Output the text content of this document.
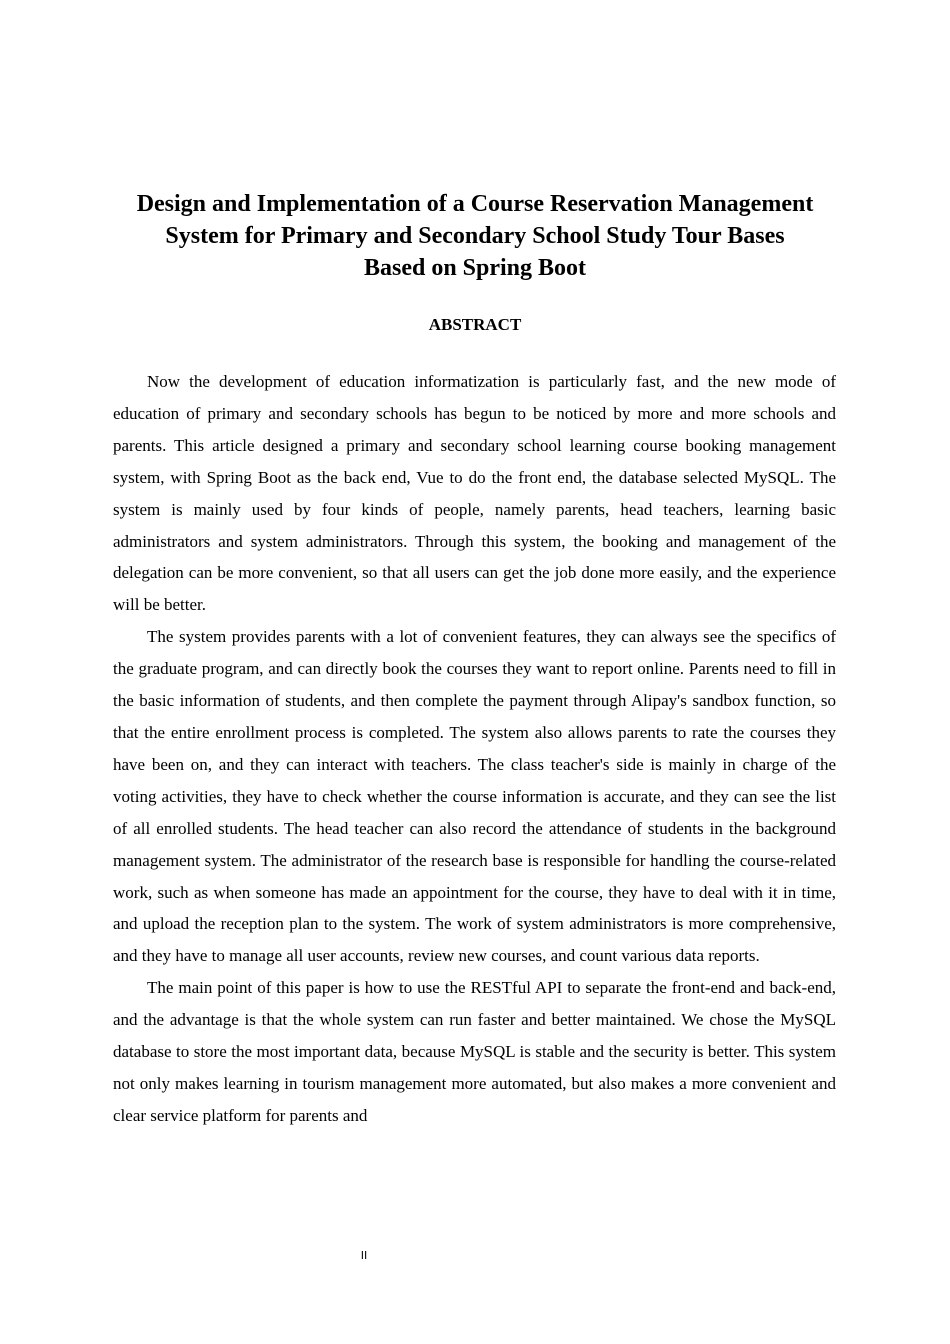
Design and Implementation of a Course Reservation Management
System for Primary and Secondary School Study Tour Bases
Based on Spring Boot
ABSTRACT

Now the development of education informatization is particularly fast, and the new mode of education of primary and secondary schools has begun to be noticed by more and more schools and parents. This article designed a primary and secondary school learning course booking management system, with Spring Boot as the back end, Vue to do the front end, the database selected MySQL. The system is mainly used by four kinds of people, namely parents, head teachers, learning basic administrators and system administrators. Through this system, the booking and management of the delegation can be more convenient, so that all users can get the job done more easily, and the experience will be better.

The system provides parents with a lot of convenient features, they can always see the specifics of the graduate program, and can directly book the courses they want to report online. Parents need to fill in the basic information of students, and then complete the payment through Alipay's sandbox function, so that the entire enrollment process is completed. The system also allows parents to rate the courses they have been on, and they can interact with teachers. The class teacher's side is mainly in charge of the voting activities, they have to check whether the course information is accurate, and they can see the list of all enrolled students. The head teacher can also record the attendance of students in the background management system. The administrator of the research base is responsible for handling the course-related work, such as when someone has made an appointment for the course, they have to deal with it in time, and upload the reception plan to the system. The work of system administrators is more comprehensive, and they have to manage all user accounts, review new courses, and count various data reports.

The main point of this paper is how to use the RESTful API to separate the front-end and back-end, and the advantage is that the whole system can run faster and better maintained. We chose the MySQL database to store the most important data, because MySQL is stable and the security is better. This system not only makes learning in tourism management more automated, but also makes a more convenient and clear service platform for parents and

II
